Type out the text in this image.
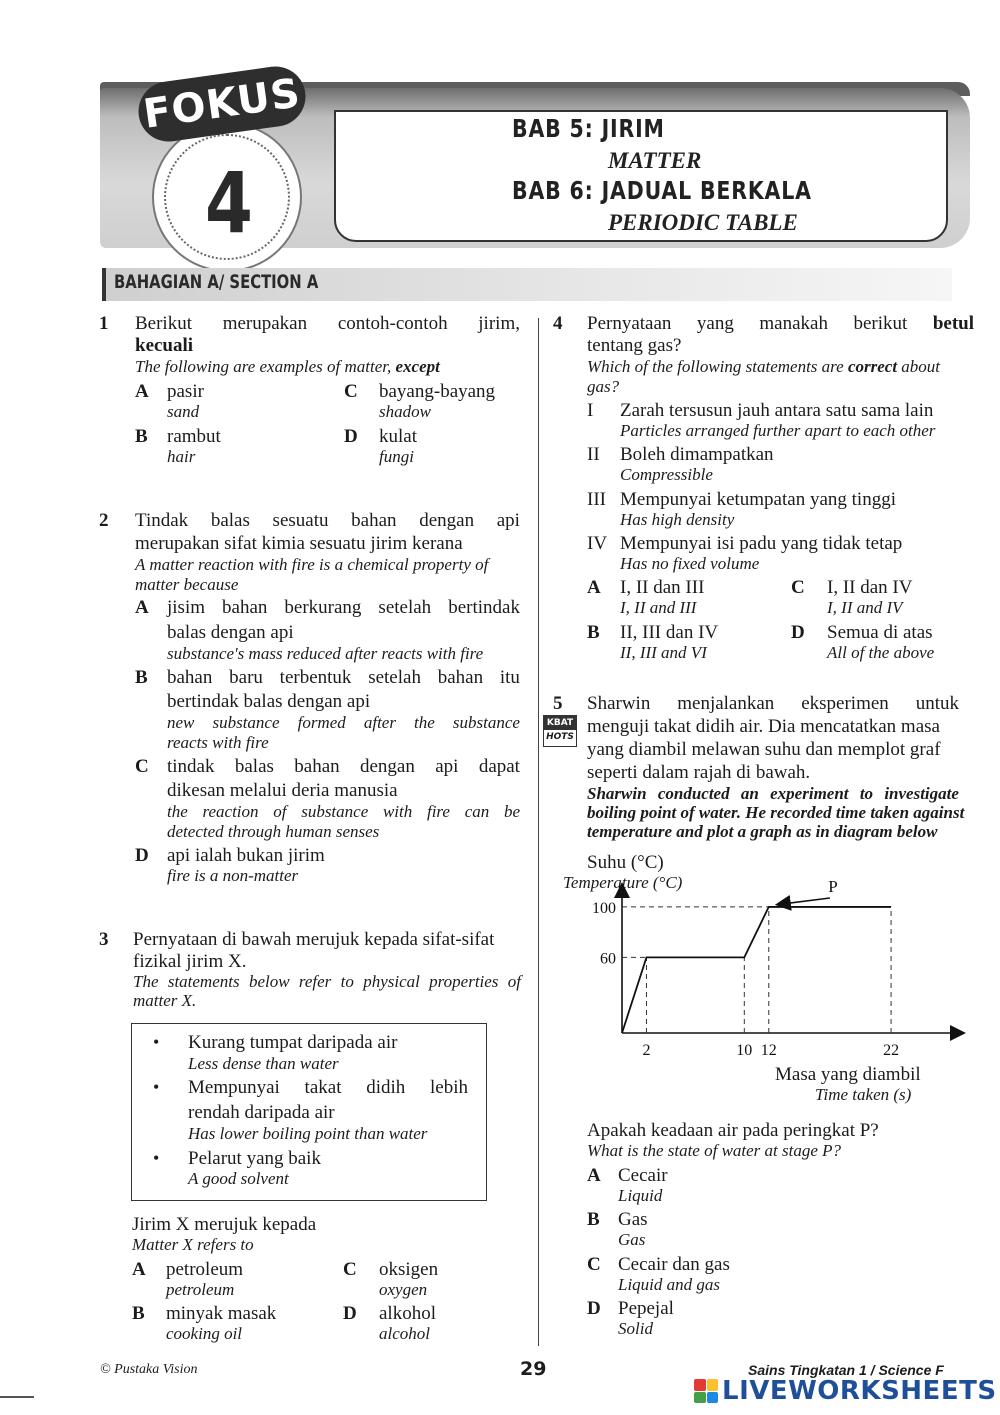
BAB 5: JIRIM
MATTER
BAB 6: JADUAL BERKALA
PERIODIC TABLE
4
FOKUS
BAHAGIAN A/ SECTION A
1 Berikut merupakan contoh-contoh jirim,
kecuali
The following are examples of matter, except
A pasir
sand
B rambut
hair
C bayang-bayang
shadow
D kulat
fungi
2 Tindak balas sesuatu bahan dengan api
merupakan sifat kimia sesuatu jirim kerana
A matter reaction with fire is a chemical property of
matter because
A jisim bahan berkurang setelah bertindak
balas dengan api
substance's mass reduced after reacts with fire
B bahan baru terbentuk setelah bahan itu
bertindak balas dengan api
new substance formed after the substance
reacts with fire
C tindak balas bahan dengan api dapat
dikesan melalui deria manusia
the reaction of substance with fire can be
detected through human senses
D api ialah bukan jirim
fire is a non-matter
3 Pernyataan di bawah merujuk kepada sifat-sifat
fizikal jirim X.
The statements below refer to physical properties of
matter X.
• Kurang tumpat daripada air
Less dense than water
• Mempunyai takat didih lebih
rendah daripada air
Has lower boiling point than water
• Pelarut yang baik
A good solvent
Jirim X merujuk kepada
Matter X refers to
A petroleum
petroleum
B minyak masak
cooking oil
C oksigen
oxygen
D alkohol
alcohol
4 Pernyataan yang manakah berikut betul
tentang gas?
Which of the following statements are correct about
gas?
I Zarah tersusun jauh antara satu sama lain
Particles arranged further apart to each other
II Boleh dimampatkan
Compressible
III Mempunyai ketumpatan yang tinggi
Has high density
IV Mempunyai isi padu yang tidak tetap
Has no fixed volume
A I, II dan III
I, II and III
B II, III dan IV
II, III and VI
C I, II dan IV
I, II and IV
D Semua di atas
All of the above
5
KBAT
HOTS
Sharwin menjalankan eksperimen untuk
menguji takat didih air. Dia mencatatkan masa
yang diambil melawan suhu dan memplot graf
seperti dalam rajah di bawah.
Sharwin conducted an experiment to investigate
boiling point of water. He recorded time taken against
temperature and plot a graph as in diagram below
Suhu (°C)
Temperature (°C)
60
100
2	10 12	22
P
Masa yang diambil
Time taken (s)
Apakah keadaan air pada peringkat P?
What is the state of water at stage P?
A Cecair
Liquid
B Gas
Gas
C Cecair dan gas
Liquid and gas
D Pepejal
Solid
© Pustaka Vision	29	Sains Tingkatan 1 / Science F
LIVEWORKSHEETS
